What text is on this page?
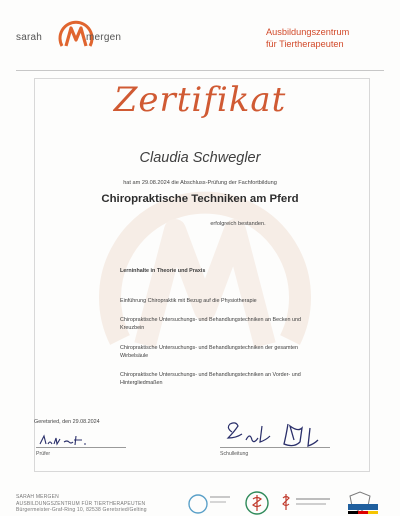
sarah	mergen	Ausbildungszentrum
für Tiertherapeuten
Zertifikat
Claudia Schwegler
hat am 29.08.2024 die Abschluss-Prüfung der Fachfortbildung
Chiropraktische Techniken am Pferd
erfolgreich bestanden.
Lerninhalte in Theorie und Praxis
Einführung Chiropraktik mit Bezug auf die Physiotherapie
Chiropraktische Untersuchungs- und Behandlungstechniken an Becken und Kreuzbein
Chiropraktische Untersuchungs- und Behandlungstechniken der gesamten Wirbelsäule
Chiropraktische Untersuchungs- und Behandlungstechniken an Vorder- und Hintergliedmaßen
Geretsried, den 29.08.2024
Prüfer	Schulleitung
SARAH MERGEN
AUSBILDUNGSZENTRUM FÜR TIERTHERAPEUTEN
Bürgermeister-Graf-Ring 10, 82538 Geretsried/Gelting
